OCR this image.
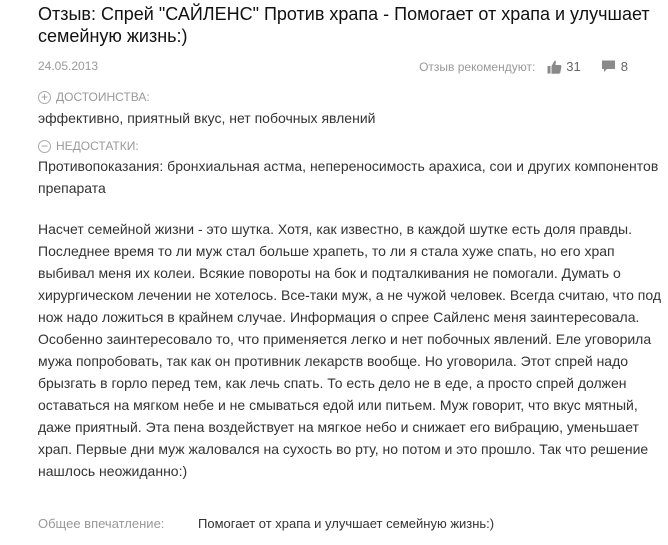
Отзыв: Спрей "САЙЛЕНС" Против храпа - Помогает от храпа и улучшает семейную жизнь:)
24.05.2013	Отзыв рекомендуют: 31	8
+ ДОСТОИНСТВА:

эффективно, приятный вкус, нет побочных явлений

− НЕДОСТАТКИ:

Противопоказания: бронхиальная астма, непереносимость арахиса, сои и других компонентов препарата

Насчет семейной жизни - это шутка. Хотя, как известно, в каждой шутке есть доля правды. Последнее время то ли муж стал больше храпеть, то ли я стала хуже спать, но его храп выбивал меня их колеи. Всякие повороты на бок и подталкивания не помогали. Думать о хирургическом лечении не хотелось. Все-таки муж, а не чужой человек. Всегда считаю, что под нож надо ложиться в крайнем случае. Информация о спрее Сайленс меня заинтересовала. Особенно заинтересовало то, что применяется легко и нет побочных явлений. Еле уговорила мужа попробовать, так как он противник лекарств вообще. Но уговорила. Этот спрей надо брызгать в горло перед тем, как лечь спать. То есть дело не в еде, а просто спрей должен оставаться на мягком небе и не смываться едой или питьем. Муж говорит, что вкус мятный, даже приятный. Эта пена воздействует на мягкое небо и снижает его вибрацию, уменьшает храп. Первые дни муж жаловался на сухость во рту, но потом и это прошло. Так что решение нашлось неожиданно:)

Общее впечатление:	Помогает от храпа и улучшает семейную жизнь:)
